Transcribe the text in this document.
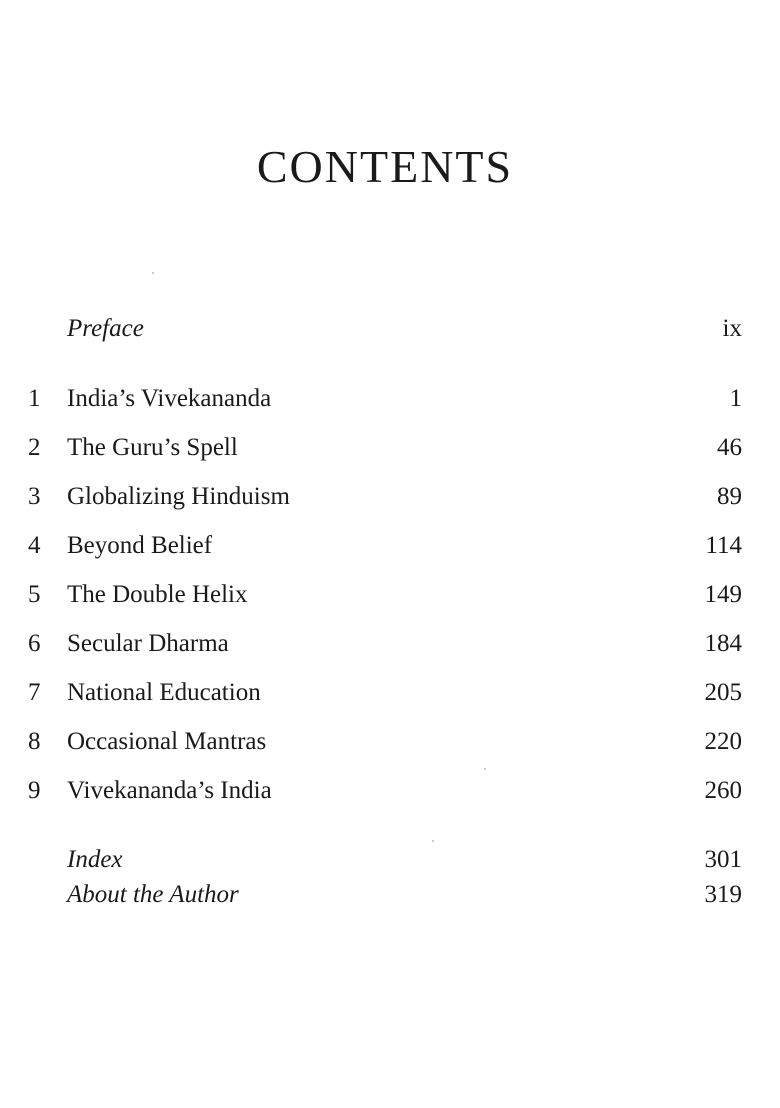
CONTENTS
Preface	ix
1	India’s Vivekananda	1
2	The Guru’s Spell	46
3	Globalizing Hinduism	89
4	Beyond Belief	114
5	The Double Helix	149
6	Secular Dharma	184
7	National Education	205
8	Occasional Mantras	220
9	Vivekananda’s India	260
Index	301
About the Author	319
